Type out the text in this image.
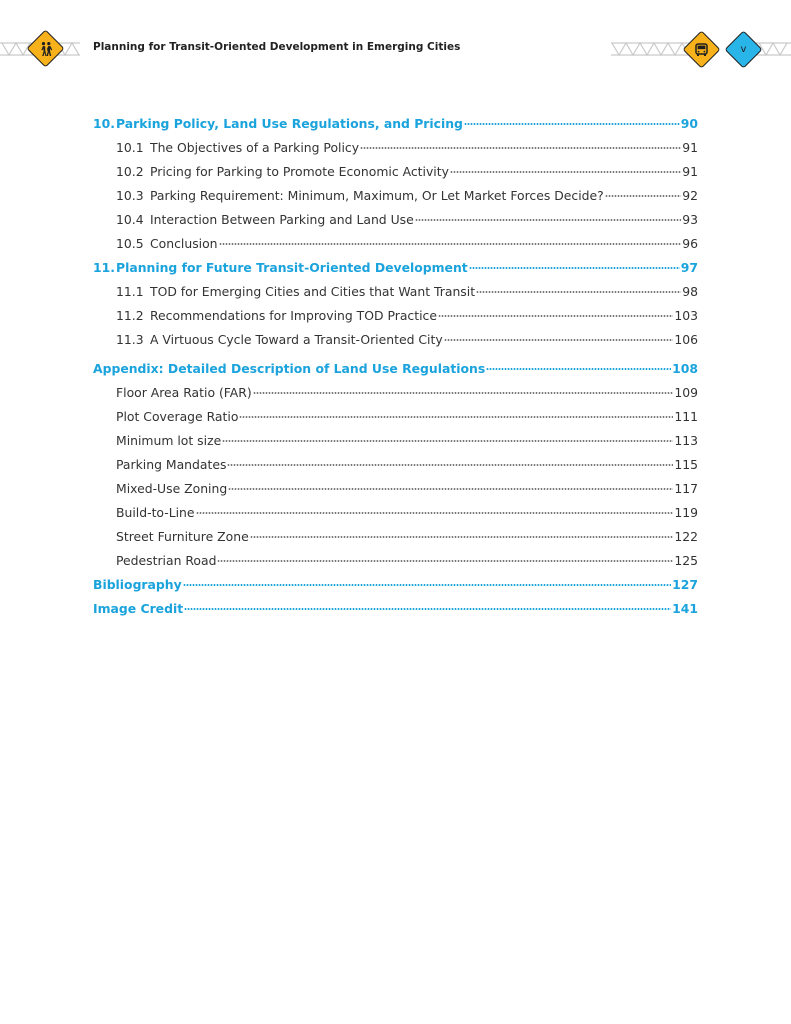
Planning for Transit-Oriented Development in Emerging Cities	v
10. Parking Policy, Land Use Regulations, and Pricing	90
10.1 The Objectives of a Parking Policy	91
10.2 Pricing for Parking to Promote Economic Activity	91
10.3 Parking Requirement: Minimum, Maximum, Or Let Market Forces Decide?	92
10.4 Interaction Between Parking and Land Use	93
10.5 Conclusion	96
11. Planning for Future Transit-Oriented Development	97
11.1 TOD for Emerging Cities and Cities that Want Transit	98
11.2 Recommendations for Improving TOD Practice	103
11.3 A Virtuous Cycle Toward a Transit-Oriented City	106
Appendix: Detailed Description of Land Use Regulations	108
Floor Area Ratio (FAR)	109
Plot Coverage Ratio	111
Minimum lot size	113
Parking Mandates	115
Mixed-Use Zoning	117
Build-to-Line	119
Street Furniture Zone	122
Pedestrian Road	125
Bibliography	127
Image Credit	141
